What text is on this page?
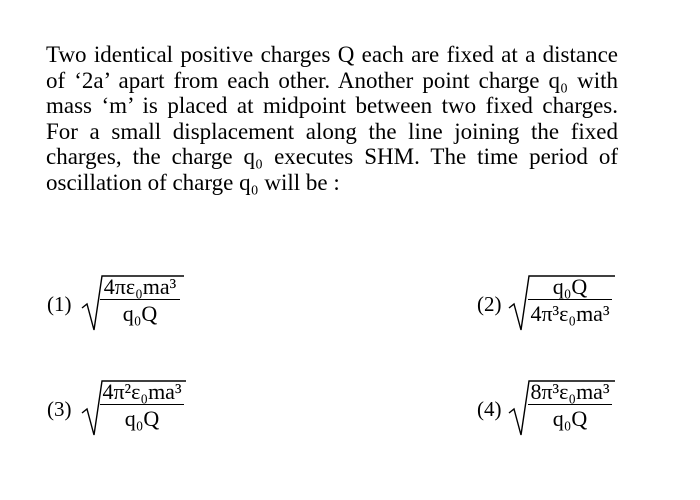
Two identical positive charges Q each are fixed at a distance of ‘2a’ apart from each other. Another point charge q₀ with mass ‘m’ is placed at midpoint between two fixed charges. For a small displacement along the line joining the fixed charges, the charge q₀ executes SHM. The time period of oscillation of charge q₀ will be :

$(1) \frac{\text{4πε₀ma³}}{\text{q₀Q}}$	$(2) \frac{\text{q₀Q}}{\text{4π³ε₀ma³}}$
$(3) \frac{\text{4π²ε₀ma³}}{\text{q₀Q}}$	$(4) \frac{\text{8π³ε₀ma³}}{\text{q₀Q}}$
